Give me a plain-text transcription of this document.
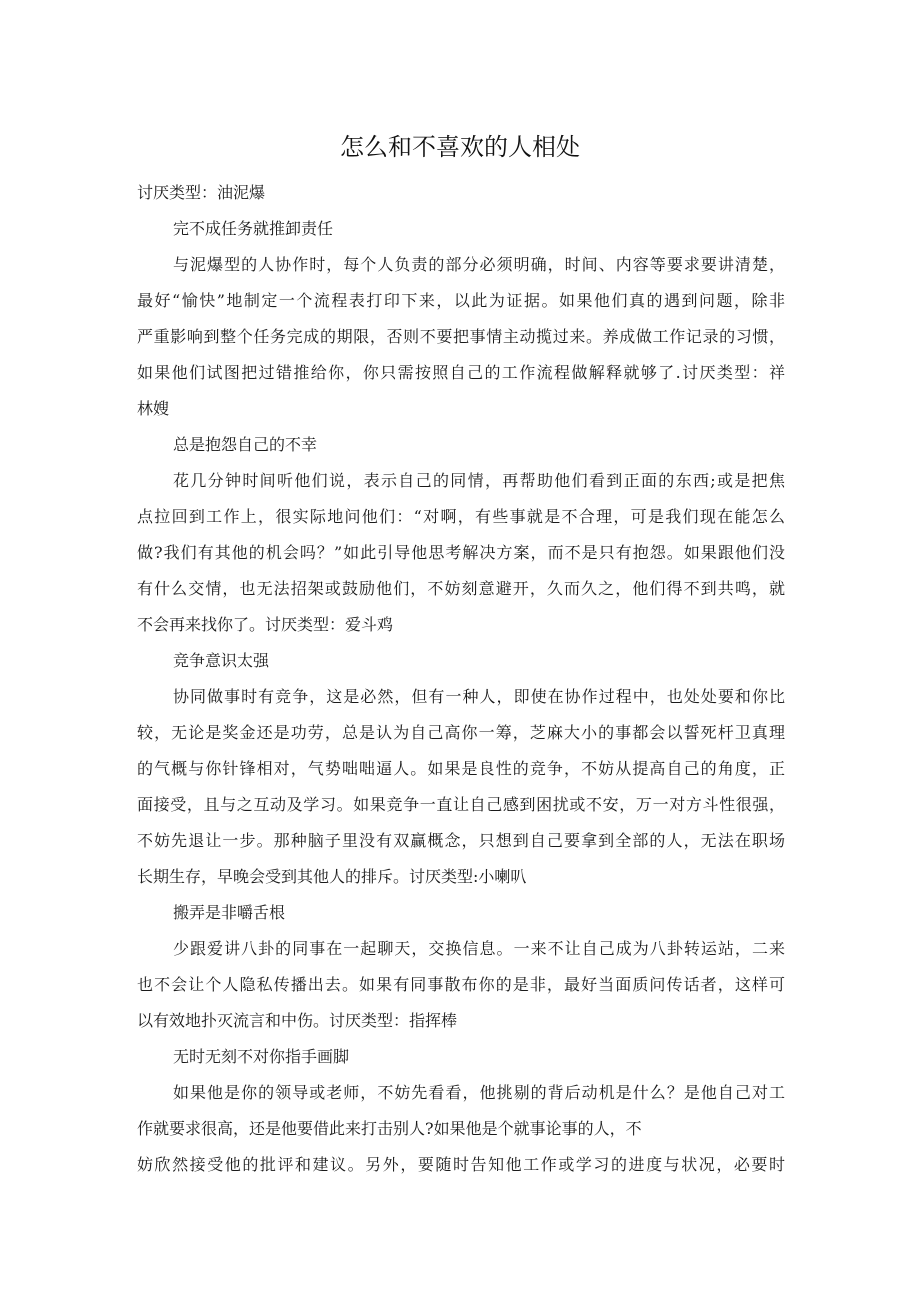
怎么和不喜欢的人相处
讨厌类型：油泥爆
完不成任务就推卸责任
与泥爆型的人协作时，每个人负责的部分必须明确，时间、内容等要求要讲清楚，
最好“愉快”地制定一个流程表打印下来，以此为证据。如果他们真的遇到问题，除非
严重影响到整个任务完成的期限，否则不要把事情主动揽过来。养成做工作记录的习惯，
如果他们试图把过错推给你，你只需按照自己的工作流程做解释就够了.讨厌类型：祥
林嫂
总是抱怨自己的不幸
花几分钟时间听他们说，表示自己的同情，再帮助他们看到正面的东西;或是把焦
点拉回到工作上，很实际地问他们：“对啊，有些事就是不合理，可是我们现在能怎么
做?我们有其他的机会吗？”如此引导他思考解决方案，而不是只有抱怨。如果跟他们没
有什么交情，也无法招架或鼓励他们，不妨刻意避开，久而久之，他们得不到共鸣，就
不会再来找你了。讨厌类型：爱斗鸡
竞争意识太强
协同做事时有竞争，这是必然，但有一种人，即使在协作过程中，也处处要和你比
较，无论是奖金还是功劳，总是认为自己高你一筹，芝麻大小的事都会以誓死杆卫真理
的气概与你针锋相对，气势咄咄逼人。如果是良性的竞争，不妨从提高自己的角度，正
面接受，且与之互动及学习。如果竞争一直让自己感到困扰或不安，万一对方斗性很强，
不妨先退让一步。那种脑子里没有双赢概念，只想到自己要拿到全部的人，无法在职场
长期生存，早晚会受到其他人的排斥。讨厌类型:小喇叭
搬弄是非嚼舌根
少跟爱讲八卦的同事在一起聊天，交换信息。一来不让自己成为八卦转运站，二来
也不会让个人隐私传播出去。如果有同事散布你的是非，最好当面质问传话者，这样可
以有效地扑灭流言和中伤。讨厌类型：指挥棒
无时无刻不对你指手画脚
如果他是你的领导或老师，不妨先看看，他挑剔的背后动机是什么？是他自己对工
作就要求很高，还是他要借此来打击别人?如果他是个就事论事的人，不
妨欣然接受他的批评和建议。另外，要随时告知他工作或学习的进度与状况，必要时
